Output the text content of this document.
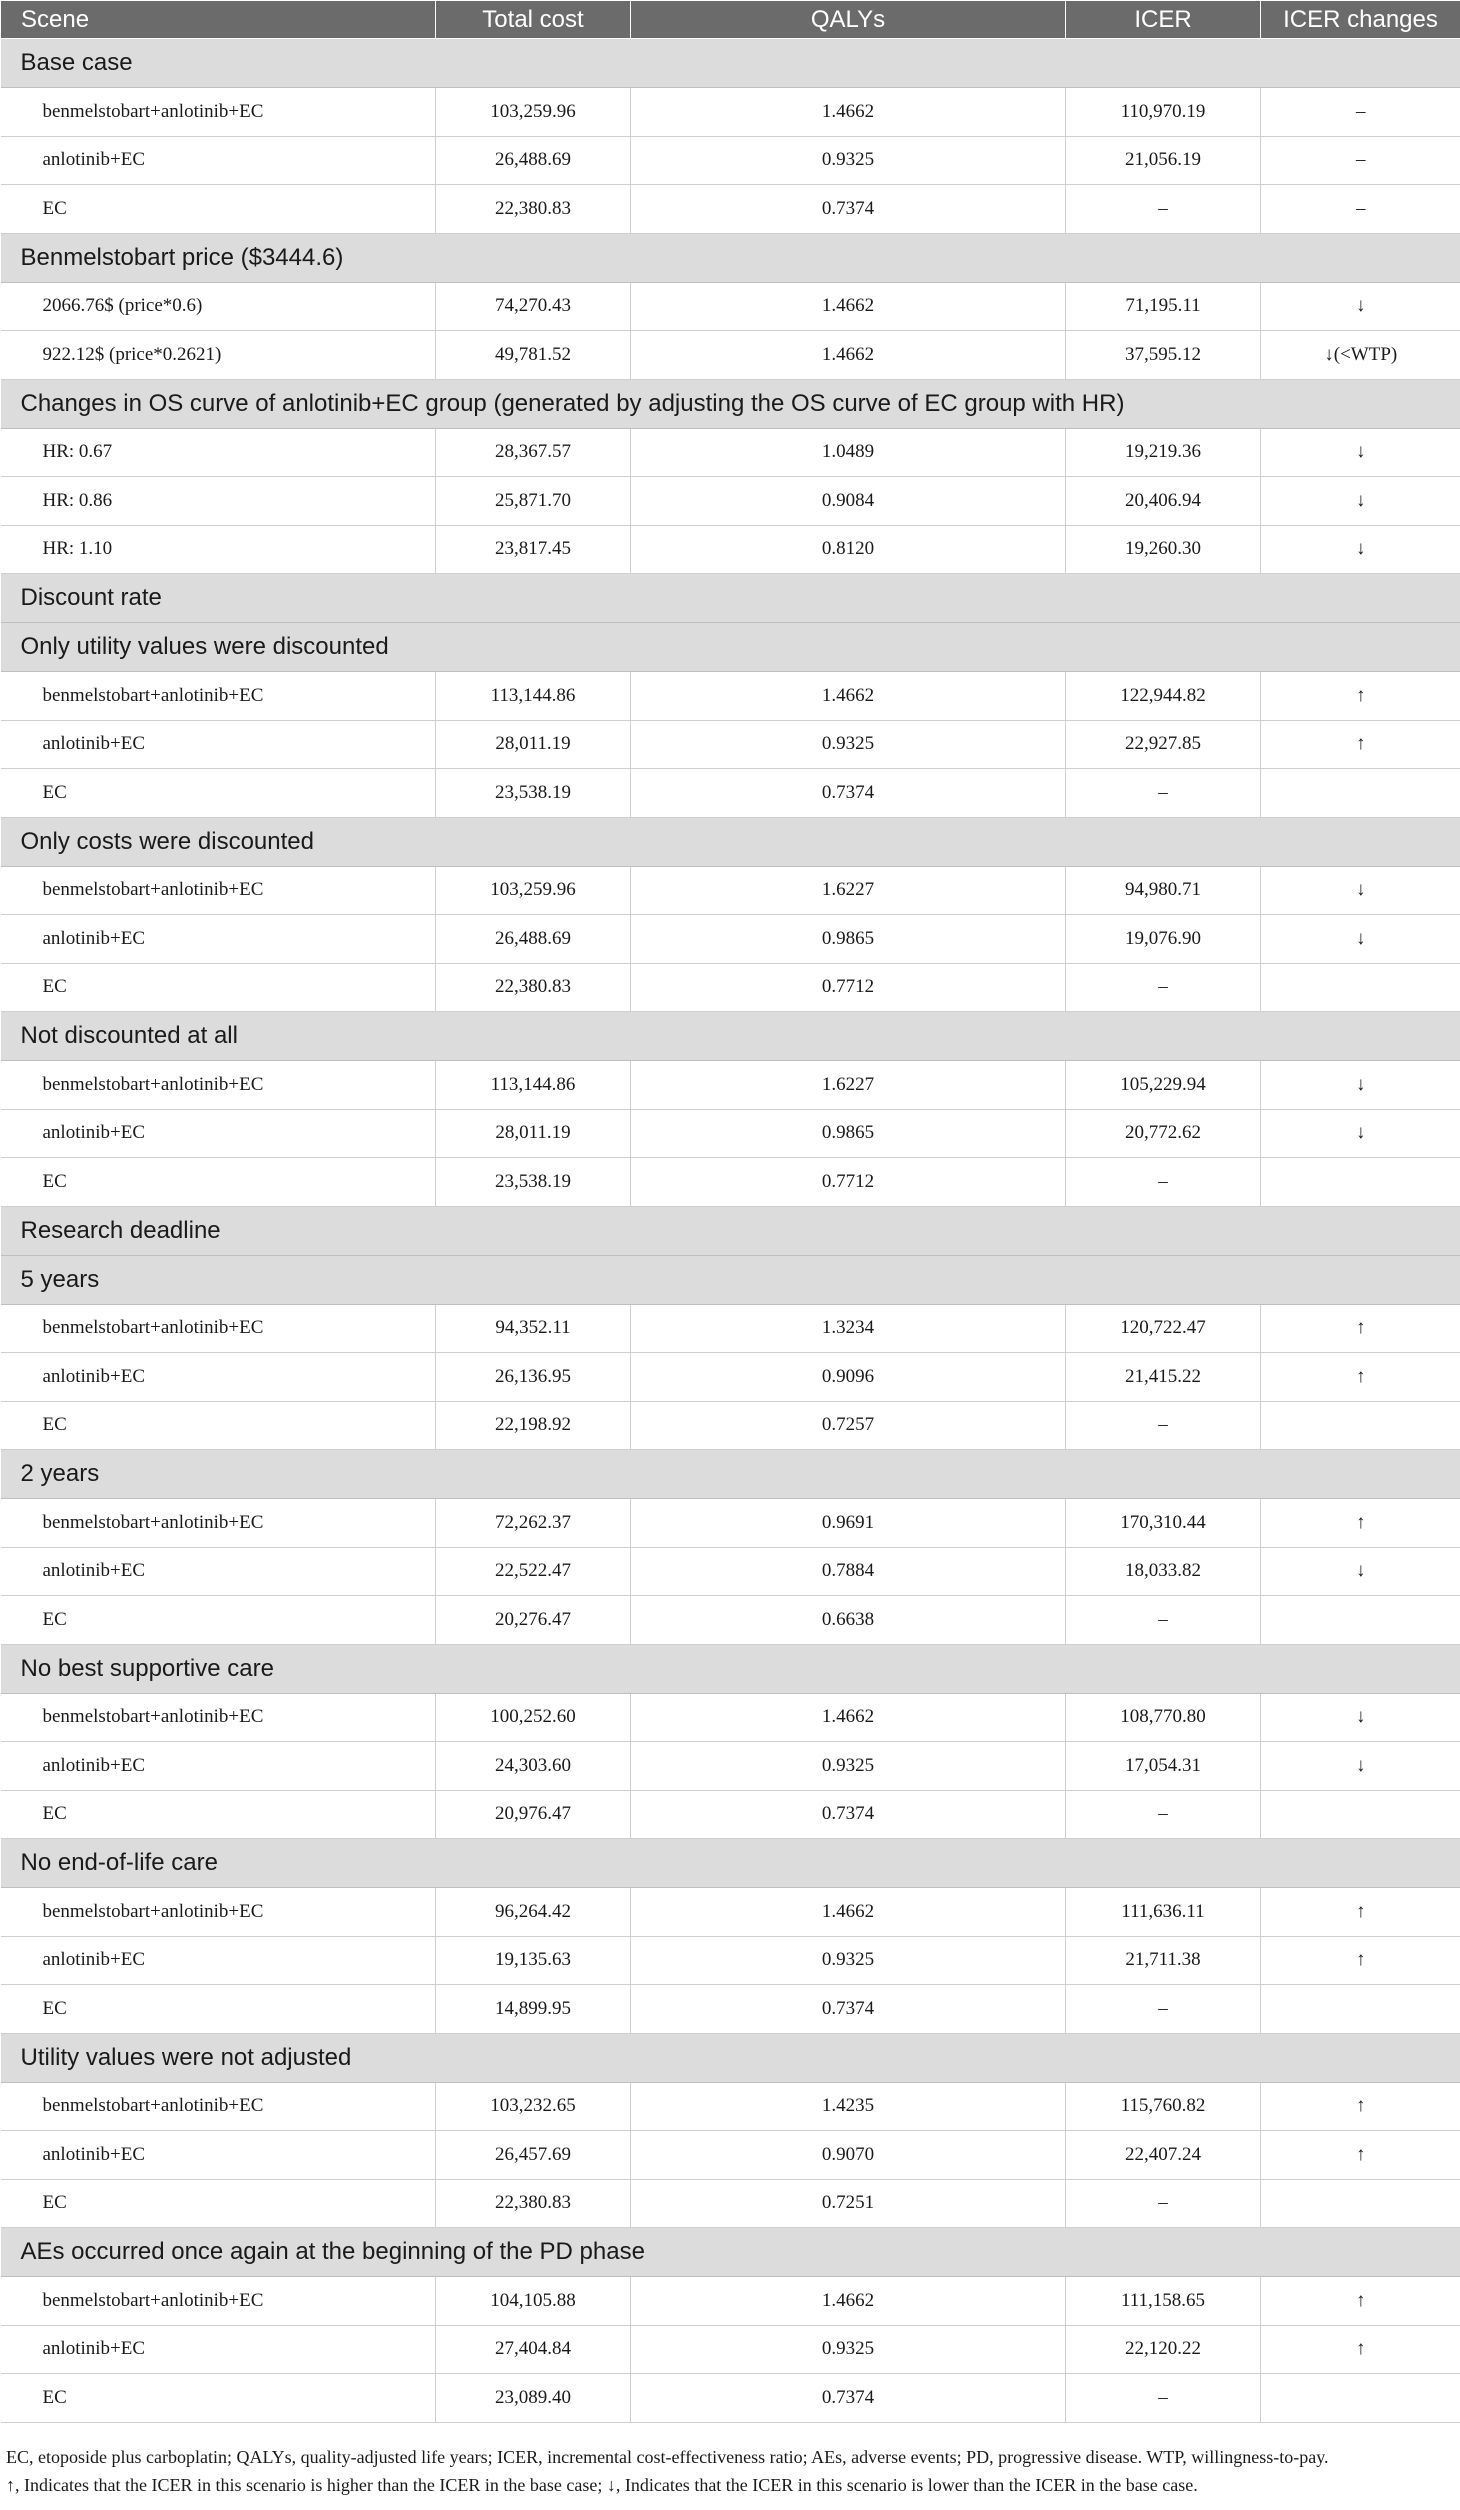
Scene	Total cost	QALYs	ICER	ICER changes
Base case				
benmelstobart+anlotinib+EC	103,259.96	1.4662	110,970.19	–
anlotinib+EC	26,488.69	0.9325	21,056.19	–
EC	22,380.83	0.7374	–	–
Benmelstobart price ($3444.6)				
2066.76$ (price*0.6)	74,270.43	1.4662	71,195.11	↓
922.12$ (price*0.2621)	49,781.52	1.4662	37,595.12	↓(<WTP)
Changes in OS curve of anlotinib+EC group (generated by adjusting the OS curve of EC group with HR)				
HR: 0.67	28,367.57	1.0489	19,219.36	↓
HR: 0.86	25,871.70	0.9084	20,406.94	↓
HR: 1.10	23,817.45	0.8120	19,260.30	↓
Discount rate				
Only utility values were discounted				
benmelstobart+anlotinib+EC	113,144.86	1.4662	122,944.82	↑
anlotinib+EC	28,011.19	0.9325	22,927.85	↑
EC	23,538.19	0.7374	–	
Only costs were discounted				
benmelstobart+anlotinib+EC	103,259.96	1.6227	94,980.71	↓
anlotinib+EC	26,488.69	0.9865	19,076.90	↓
EC	22,380.83	0.7712	–	
Not discounted at all				
benmelstobart+anlotinib+EC	113,144.86	1.6227	105,229.94	↓
anlotinib+EC	28,011.19	0.9865	20,772.62	↓
EC	23,538.19	0.7712	–	
Research deadline				
5 years				
benmelstobart+anlotinib+EC	94,352.11	1.3234	120,722.47	↑
anlotinib+EC	26,136.95	0.9096	21,415.22	↑
EC	22,198.92	0.7257	–	
2 years				
benmelstobart+anlotinib+EC	72,262.37	0.9691	170,310.44	↑
anlotinib+EC	22,522.47	0.7884	18,033.82	↓
EC	20,276.47	0.6638	–	
No best supportive care				
benmelstobart+anlotinib+EC	100,252.60	1.4662	108,770.80	↓
anlotinib+EC	24,303.60	0.9325	17,054.31	↓
EC	20,976.47	0.7374	–	
No end-of-life care				
benmelstobart+anlotinib+EC	96,264.42	1.4662	111,636.11	↑
anlotinib+EC	19,135.63	0.9325	21,711.38	↑
EC	14,899.95	0.7374	–	
Utility values were not adjusted				
benmelstobart+anlotinib+EC	103,232.65	1.4235	115,760.82	↑
anlotinib+EC	26,457.69	0.9070	22,407.24	↑
EC	22,380.83	0.7251	–	
AEs occurred once again at the beginning of the PD phase				
benmelstobart+anlotinib+EC	104,105.88	1.4662	111,158.65	↑
anlotinib+EC	27,404.84	0.9325	22,120.22	↑
EC	23,089.40	0.7374	–	
EC, etoposide plus carboplatin; QALYs, quality-adjusted life years; ICER, incremental cost-effectiveness ratio; AEs, adverse events; PD, progressive disease. WTP, willingness-to-pay.
↑, Indicates that the ICER in this scenario is higher than the ICER in the base case; ↓, Indicates that the ICER in this scenario is lower than the ICER in the base case.
